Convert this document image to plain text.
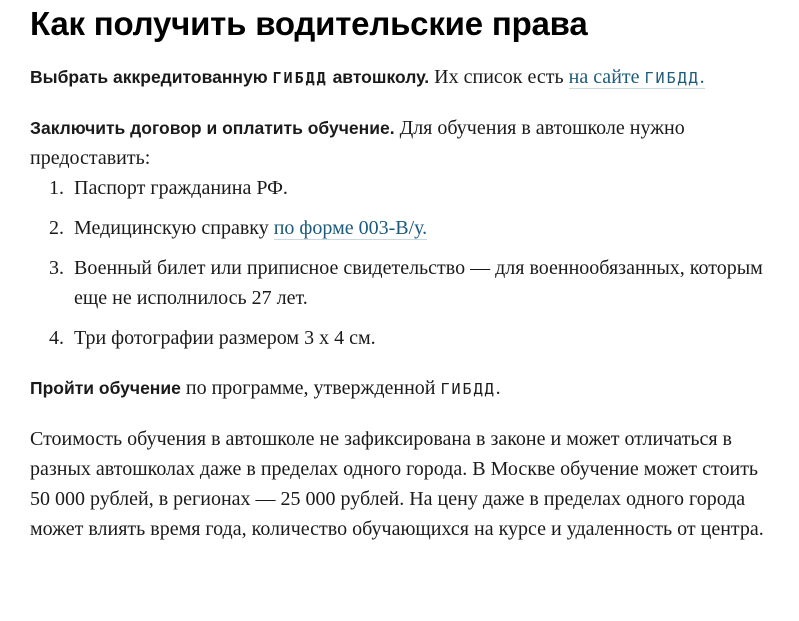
Как получить водительские права

Выбрать аккредитованную ГИБДД автошколу. Их список есть на сайте ГИБДД.

Заключить договор и оплатить обучение. Для обучения в автошколе нужно предоставить:

1. Паспорт гражданина РФ.
2. Медицинскую справку по форме 003-В/у.
3. Военный билет или приписное свидетельство — для военнообязанных, которым еще не исполнилось 27 лет.
4. Три фотографии размером 3 х 4 см.

Пройти обучение по программе, утвержденной ГИБДД.

Стоимость обучения в автошколе не зафиксирована в законе и может отличаться в разных автошколах даже в пределах одного города. В Москве обучение может стоить 50 000 рублей, в регионах — 25 000 рублей. На цену даже в пределах одного города может влиять время года, количество обучающихся на курсе и удаленность от центра.
